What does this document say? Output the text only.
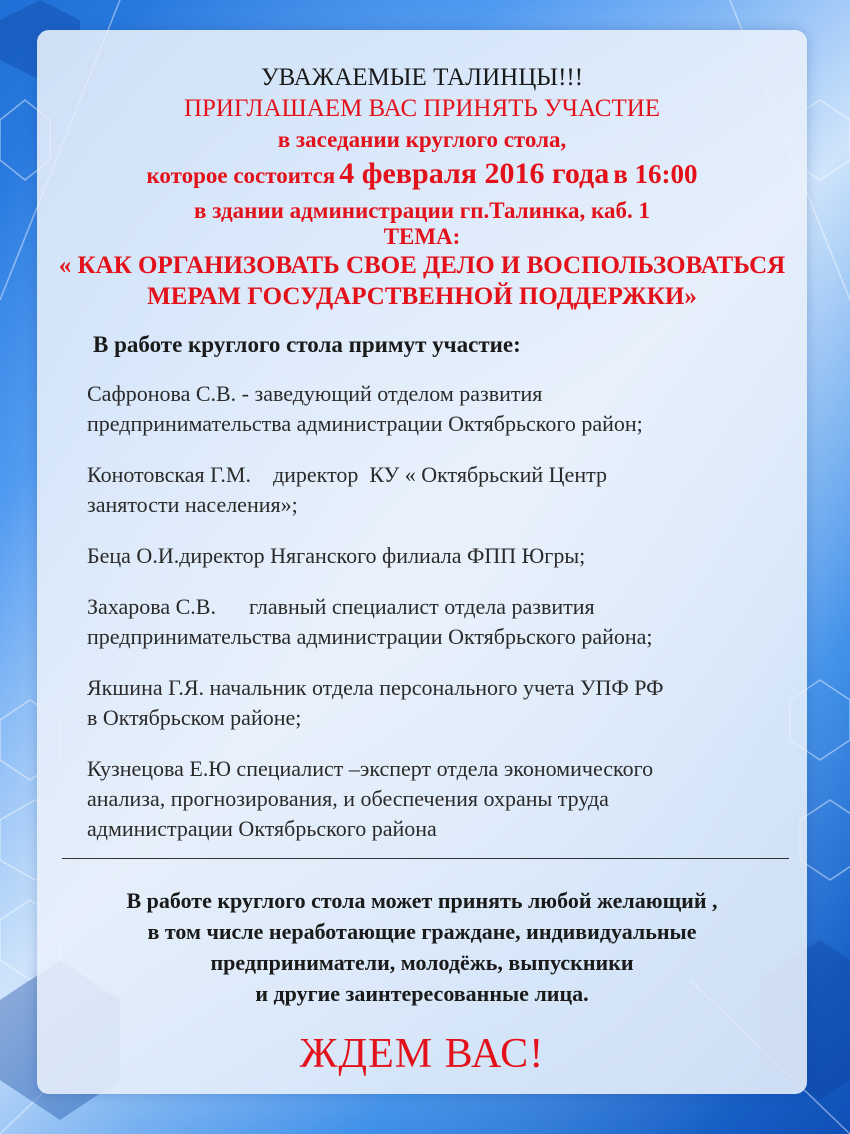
УВАЖАЕМЫЕ ТАЛИНЦЫ!!!
ПРИГЛАШАЕМ ВАС ПРИНЯТЬ УЧАСТИЕ
в заседании круглого стола,
которое состоится 4 февраля 2016 года в 16:00
в здании администрации гп.Талинка, каб. 1
ТЕМА:
« КАК ОРГАНИЗОВАТЬ СВОЕ ДЕЛО И ВОСПОЛЬЗОВАТЬСЯ
МЕРАМ ГОСУДАРСТВЕННОЙ ПОДДЕРЖКИ»
В работе круглого стола примут участие:
Сафронова С.В. - заведующий отделом развития
предпринимательства администрации Октябрьского район;
Конотовская Г.М.    директор  КУ « Октябрьский Центр
занятости населения»;
Беца О.И.директор Няганского филиала ФПП Югры;
Захарова С.В.      главный специалист отдела развития
предпринимательства администрации Октябрьского района;
Якшина Г.Я. начальник отдела персонального учета УПФ РФ
в Октябрьском районе;
Кузнецова Е.Ю специалист –эксперт отдела экономического
анализа, прогнозирования, и обеспечения охраны труда
администрации Октябрьского района
В работе круглого стола может принять любой желающий ,
в том числе неработающие граждане, индивидуальные
предприниматели, молодёжь, выпускники
и другие заинтересованные лица.
ЖДЕМ ВАС!
